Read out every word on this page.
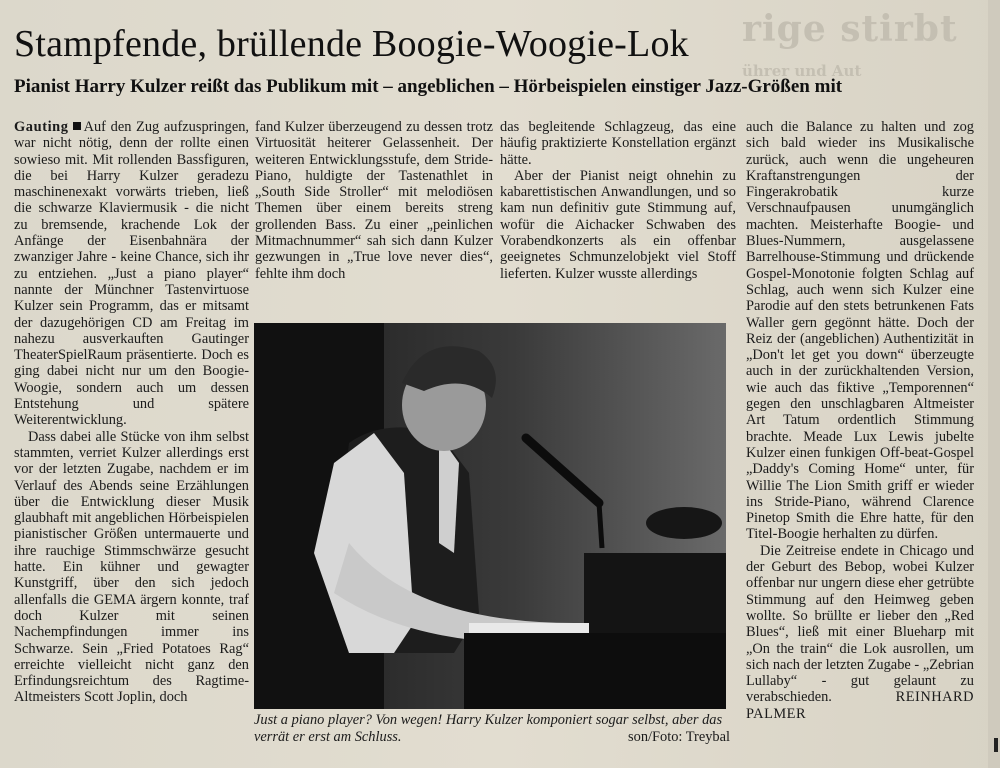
rige stirbt
ührer und Aut
Stampfende, brüllende Boogie-Woogie-Lok
Pianist Harry Kulzer reißt das Publikum mit – angeblichen – Hörbeispielen einstiger Jazz-Größen mit

Gauting Auf den Zug aufzuspringen, war nicht nötig, denn der rollte einen sowieso mit. Mit rollenden Bassfiguren, die bei Harry Kulzer geradezu maschinenexakt vorwärts trieben, ließ die schwarze Klaviermusik - die nicht zu bremsende, krachende Lok der Anfänge der Eisenbahnära der zwanziger Jahre - keine Chance, sich ihr zu entziehen. „Just a piano player“ nannte der Münchner Tastenvirtuose Kulzer sein Programm, das er mitsamt der dazugehörigen CD am Freitag im nahezu ausverkauften Gautinger TheaterSpielRaum präsentierte. Doch es ging dabei nicht nur um den Boogie-Woogie, sondern auch um dessen Entstehung und spätere Weiterentwicklung.

Dass dabei alle Stücke von ihm selbst stammten, verriet Kulzer allerdings erst vor der letzten Zugabe, nachdem er im Verlauf des Abends seine Erzählungen über die Entwicklung dieser Musik glaubhaft mit angeblichen Hörbeispielen pianistischer Größen untermauerte und ihre rauchige Stimmschwärze gesucht hatte. Ein kühner und gewagter Kunstgriff, über den sich jedoch allenfalls die GEMA ärgern konnte, traf doch Kulzer mit seinen Nachempfindungen immer ins Schwarze. Sein „Fried Potatoes Rag“ erreichte vielleicht nicht ganz den Erfindungsreichtum des Ragtime-Altmeisters Scott Joplin, doch

fand Kulzer überzeugend zu dessen trotz Virtuosität heiterer Gelassenheit. Der weiteren Entwicklungsstufe, dem Stride-Piano, huldigte der Tastenathlet in „South Side Stroller“ mit melodiösen Themen über einem bereits streng grollenden Bass. Zu einer „peinlichen Mitmachnummer“ sah sich dann Kulzer gezwungen in „True love never dies“, fehlte ihm doch

das begleitende Schlagzeug, das eine häufig praktizierte Konstellation ergänzt hätte.

Aber der Pianist neigt ohnehin zu kabarettistischen Anwandlungen, und so kam nun definitiv gute Stimmung auf, wofür die Aichacker Schwaben des Vorabendkonzerts als ein offenbar geeignetes Schmunzelobjekt viel Stoff lieferten. Kulzer wusste allerdings

auch die Balance zu halten und zog sich bald wieder ins Musikalische zurück, auch wenn die ungeheuren Kraftanstrengungen der Fingerakrobatik kurze Verschnaufpausen unumgänglich machten. Meisterhafte Boogie- und Blues-Nummern, ausgelassene Barrelhouse-Stimmung und drückende Gospel-Monotonie folgten Schlag auf Schlag, auch wenn sich Kulzer eine Parodie auf den stets betrunkenen Fats Waller gern gegönnt hätte. Doch der Reiz der (angeblichen) Authentizität in „Don't let get you down“ überzeugte auch in der zurückhaltenden Version, wie auch das fiktive „Temporennen“ gegen den unschlagbaren Altmeister Art Tatum ordentlich Stimmung brachte. Meade Lux Lewis jubelte Kulzer einen funkigen Off-beat-Gospel „Daddy's Coming Home“ unter, für Willie The Lion Smith griff er wieder ins Stride-Piano, während Clarence Pinetop Smith die Ehre hatte, für den Titel-Boogie herhalten zu dürfen.

Die Zeitreise endete in Chicago und der Geburt des Bebop, wobei Kulzer offenbar nur ungern diese eher getrübte Stimmung auf den Heimweg geben wollte. So brüllte er lieber den „Red Blues“, ließ mit einer Blueharp mit „On the train“ die Lok ausrollen, um sich nach der letzten Zugabe - „Zebrian Lullaby“ - gut gelaunt zu verabschieden.	REINHARD PALMER

Just a piano player? Von wegen! Harry Kulzer komponiert sogar selbst, aber das verrät er erst am Schluss.	son/Foto: Treybal
